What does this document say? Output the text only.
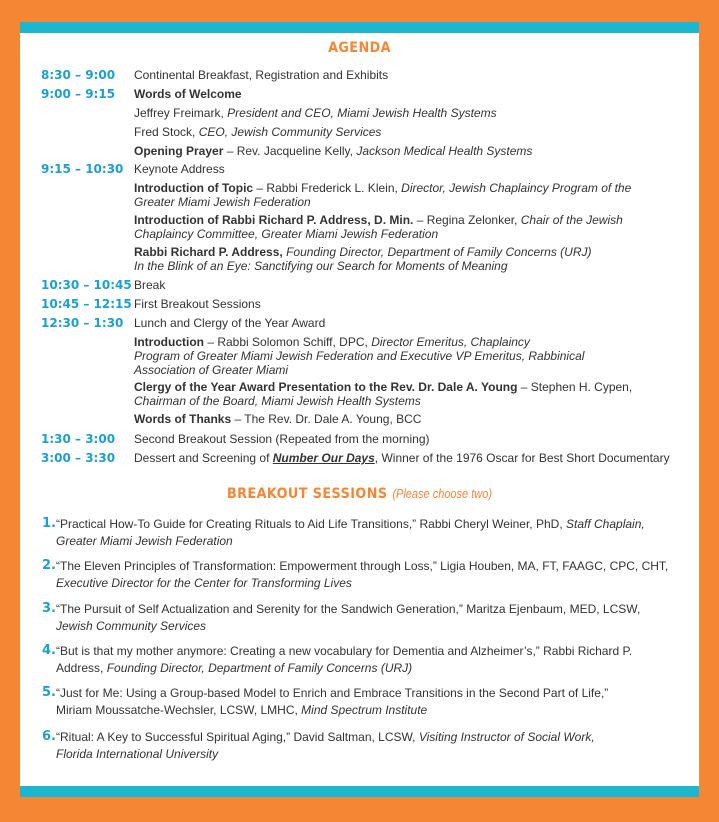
AGENDA
8:30 – 9:00 Continental Breakfast, Registration and Exhibits
9:00 – 9:15 Words of Welcome
Jeffrey Freimark, President and CEO, Miami Jewish Health Systems
Fred Stock, CEO, Jewish Community Services
Opening Prayer – Rev. Jacqueline Kelly, Jackson Medical Health Systems
9:15 – 10:30 Keynote Address
Introduction of Topic – Rabbi Frederick L. Klein, Director, Jewish Chaplaincy Program of the Greater Miami Jewish Federation
Introduction of Rabbi Richard P. Address, D. Min. – Regina Zelonker, Chair of the Jewish Chaplaincy Committee, Greater Miami Jewish Federation
Rabbi Richard P. Address, Founding Director, Department of Family Concerns (URJ)
In the Blink of an Eye: Sanctifying our Search for Moments of Meaning
10:30 – 10:45 Break
10:45 – 12:15 First Breakout Sessions
12:30 – 1:30 Lunch and Clergy of the Year Award
Introduction – Rabbi Solomon Schiff, DPC, Director Emeritus, Chaplaincy
Program of Greater Miami Jewish Federation and Executive VP Emeritus, Rabbinical
Association of Greater Miami
Clergy of the Year Award Presentation to the Rev. Dr. Dale A. Young – Stephen H. Cypen,
Chairman of the Board, Miami Jewish Health Systems
Words of Thanks – The Rev. Dr. Dale A. Young, BCC
1:30 – 3:00 Second Breakout Session (Repeated from the morning)
3:00 – 3:30 Dessert and Screening of Number Our Days, Winner of the 1976 Oscar for Best Short Documentary
BREAKOUT SESSIONS (Please choose two)
1. “Practical How-To Guide for Creating Rituals to Aid Life Transitions,” Rabbi Cheryl Weiner, PhD, Staff Chaplain,
Greater Miami Jewish Federation
2. “The Eleven Principles of Transformation: Empowerment through Loss,” Ligia Houben, MA, FT, FAAGC, CPC, CHT,
Executive Director for the Center for Transforming Lives
3. “The Pursuit of Self Actualization and Serenity for the Sandwich Generation,” Maritza Ejenbaum, MED, LCSW,
Jewish Community Services
4. “But is that my mother anymore: Creating a new vocabulary for Dementia and Alzheimer’s,” Rabbi Richard P.
Address, Founding Director, Department of Family Concerns (URJ)
5. “Just for Me: Using a Group-based Model to Enrich and Embrace Transitions in the Second Part of Life,”
Miriam Moussatche-Wechsler, LCSW, LMHC, Mind Spectrum Institute
6. “Ritual: A Key to Successful Spiritual Aging,” David Saltman, LCSW, Visiting Instructor of Social Work,
Florida International University
